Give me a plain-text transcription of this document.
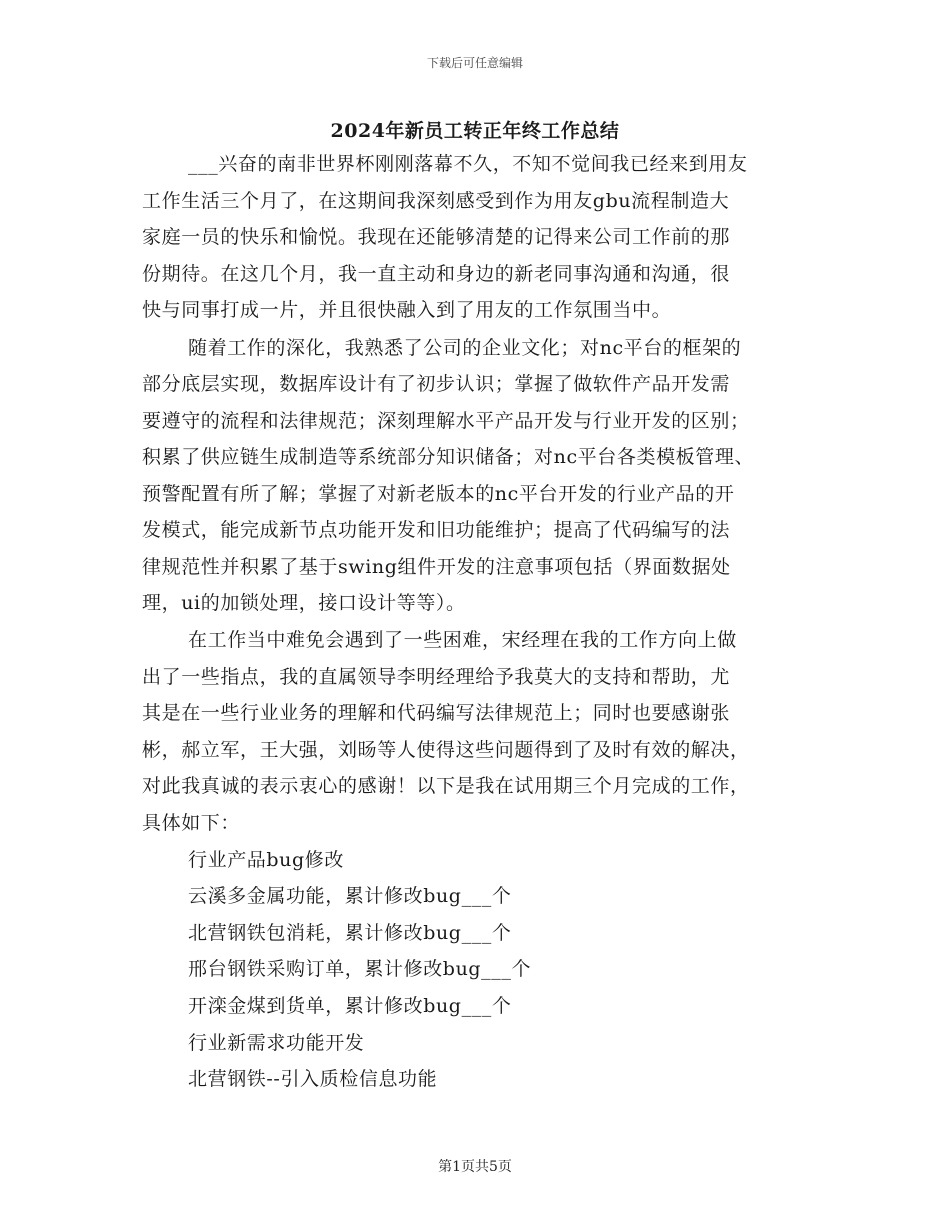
下载后可任意编辑
2024年新员工转正年终工作总结
___兴奋的南非世界杯刚刚落幕不久，不知不觉间我已经来到用友
工作生活三个月了，在这期间我深刻感受到作为用友gbu流程制造大
家庭一员的快乐和愉悦。我现在还能够清楚的记得来公司工作前的那
份期待。在这几个月，我一直主动和身边的新老同事沟通和沟通，很
快与同事打成一片，并且很快融入到了用友的工作氛围当中。
随着工作的深化，我熟悉了公司的企业文化；对nc平台的框架的
部分底层实现，数据库设计有了初步认识；掌握了做软件产品开发需
要遵守的流程和法律规范；深刻理解水平产品开发与行业开发的区别；
积累了供应链生成制造等系统部分知识储备；对nc平台各类模板管理、
预警配置有所了解；掌握了对新老版本的nc平台开发的行业产品的开
发模式，能完成新节点功能开发和旧功能维护；提高了代码编写的法
律规范性并积累了基于swing组件开发的注意事项包括（界面数据处
理，ui的加锁处理，接口设计等等）。
在工作当中难免会遇到了一些困难，宋经理在我的工作方向上做
出了一些指点，我的直属领导李明经理给予我莫大的支持和帮助，尤
其是在一些行业业务的理解和代码编写法律规范上；同时也要感谢张
彬，郝立军，王大强，刘旸等人使得这些问题得到了及时有效的解决，
对此我真诚的表示衷心的感谢！以下是我在试用期三个月完成的工作，
具体如下：
行业产品bug修改
云溪多金属功能，累计修改bug___个
北营钢铁包消耗，累计修改bug___个
邢台钢铁采购订单，累计修改bug___个
开滦金煤到货单，累计修改bug___个
行业新需求功能开发
北营钢铁--引入质检信息功能
第1页共5页
